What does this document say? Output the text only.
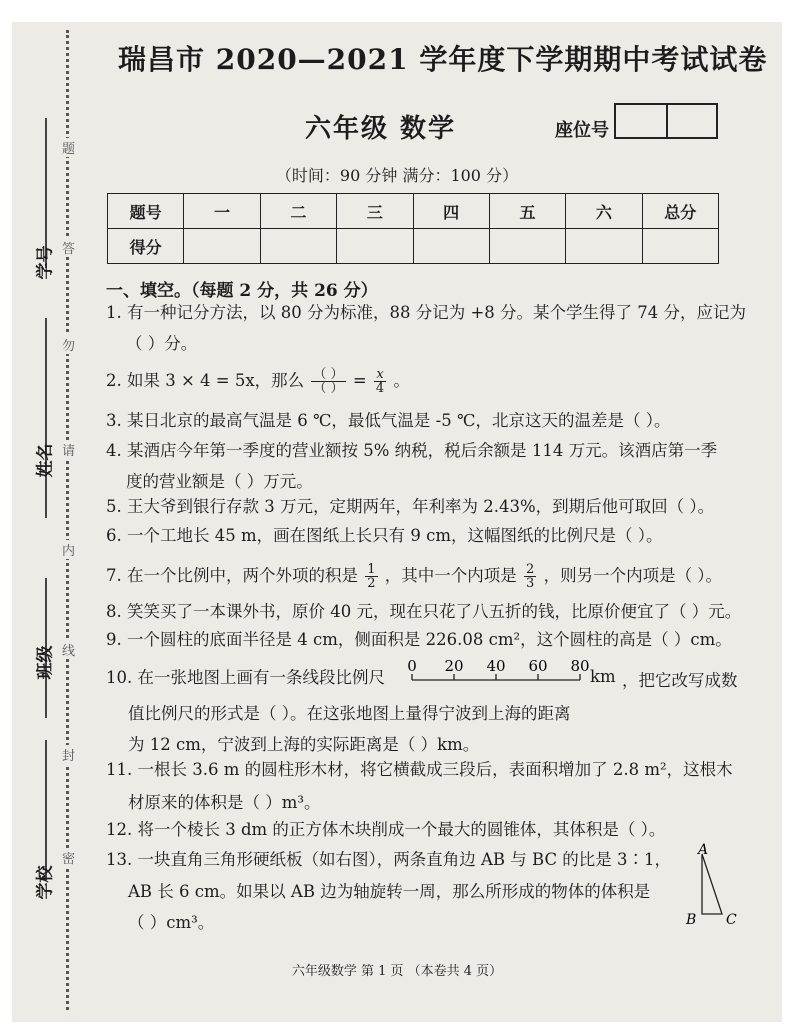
学号
姓名
班级
学校
题
答
勿
请
内
线
封
密
瑞昌市 2020—2021 学年度下学期期中考试试卷
六年级 数学	座位号
（时间：90 分钟 满分：100 分）
题号	一	二	三	四	五	六	总分
得分							
一、填空。（每题 2 分，共 26 分）
1. 有一种记分方法，以 80 分为标准，88 分记为 +8 分。某个学生得了 74 分，应记为
（ ）分。
2. 如果 3 × 4 = 5x，那么 $\frac{( )}{( )} = \frac{x}{4}$ 。
3. 某日北京的最高气温是 6 ℃，最低气温是 -5 ℃，北京这天的温差是（ ）。
4. 某酒店今年第一季度的营业额按 5% 纳税，税后余额是 114 万元。该酒店第一季
度的营业额是（ ）万元。
5. 王大爷到银行存款 3 万元，定期两年，年利率为 2.43%，到期后他可取回（ ）。
6. 一个工地长 45 m，画在图纸上长只有 9 cm，这幅图纸的比例尺是（ ）。
7. 在一个比例中，两个外项的积是 $\frac{1}{2}$ ，其中一个内项是 $\frac{2}{3}$ ，则另一个内项是（ ）。
8. 笑笑买了一本课外书，原价 40 元，现在只花了八五折的钱，比原价便宜了（ ）元。
9. 一个圆柱的底面半径是 4 cm，侧面积是 226.08 cm²，这个圆柱的高是（ ）cm。
10. 在一张地图上画有一条线段比例尺
0 20 40 60 80
km ，把它改写成数
值比例尺的形式是（ ）。在这张地图上量得宁波到上海的距离
为 12 cm，宁波到上海的实际距离是（ ）km。
11. 一根长 3.6 m 的圆柱形木材，将它横截成三段后，表面积增加了 2.8 m²，这根木
材原来的体积是（ ）m³。
12. 将一个棱长 3 dm 的正方体木块削成一个最大的圆锥体，其体积是（ ）。
13. 一块直角三角形硬纸板（如右图），两条直角边 AB 与 BC 的比是 3∶1，
AB 长 6 cm。如果以 AB 边为轴旋转一周，那么所形成的物体的体积是
（ ）cm³。
A
B C
六年级数学 第 1 页 （本卷共 4 页）
